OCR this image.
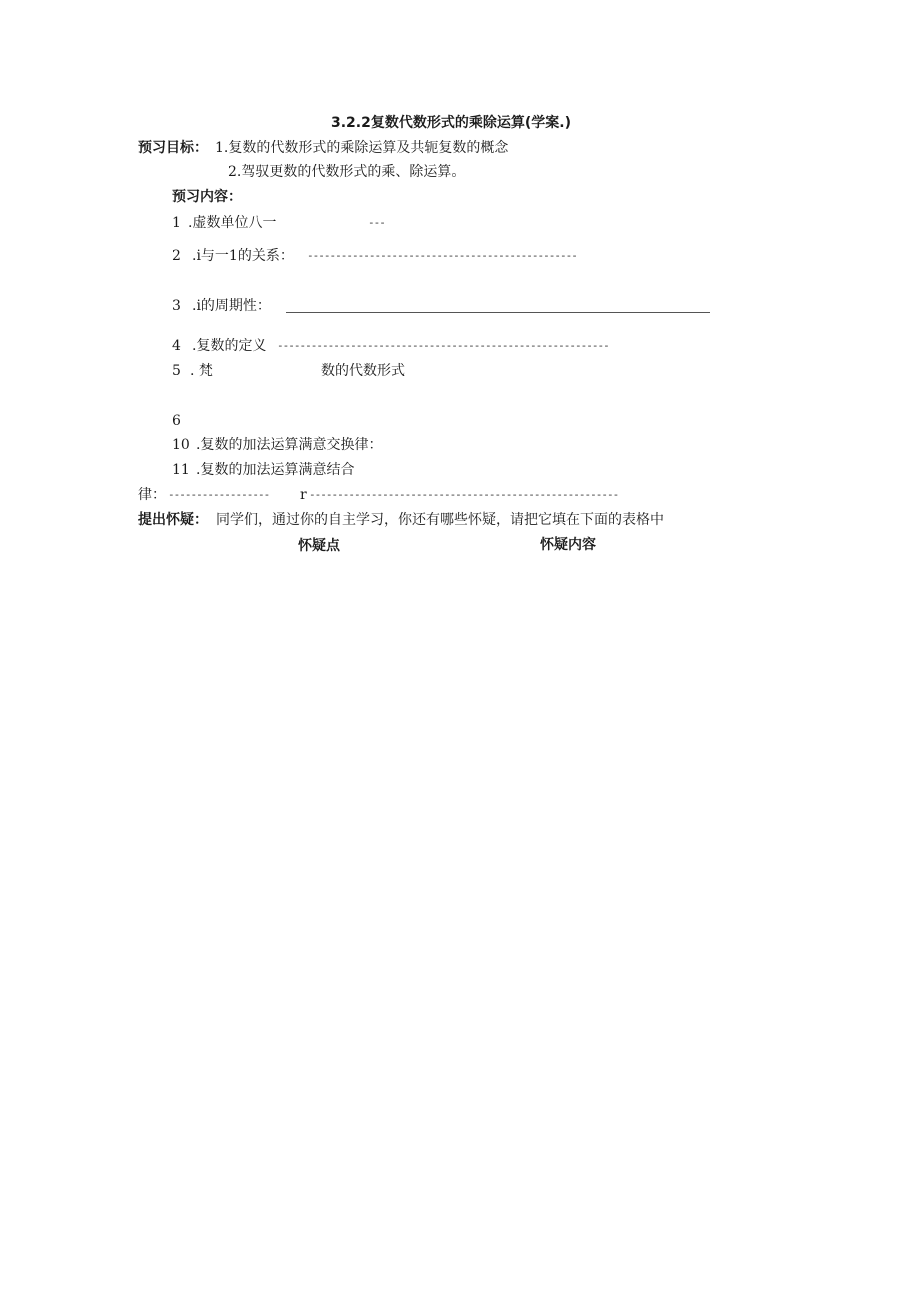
3.2.2复数代数形式的乘除运算(学案.)
预习目标： 1.复数的代数形式的乘除运算及共轭复数的概念
2.驾驭更数的代数形式的乘、除运算。
预习内容：
1 .虚数单位八一	---
2 .i与一1的关系： ------------------------------------------------
3 .i的周期性：
4 .复数的定义 -----------------------------------------------------------
5 . 梵	数的代数形式
6
10 .复数的加法运算满意交换律：
11 .复数的加法运算满意结合
律： ------------------	r -------------------------------------------------------
提出怀疑： 同学们，通过你的自主学习，你还有哪些怀疑，请把它填在下面的表格中
怀疑点	怀疑内容
